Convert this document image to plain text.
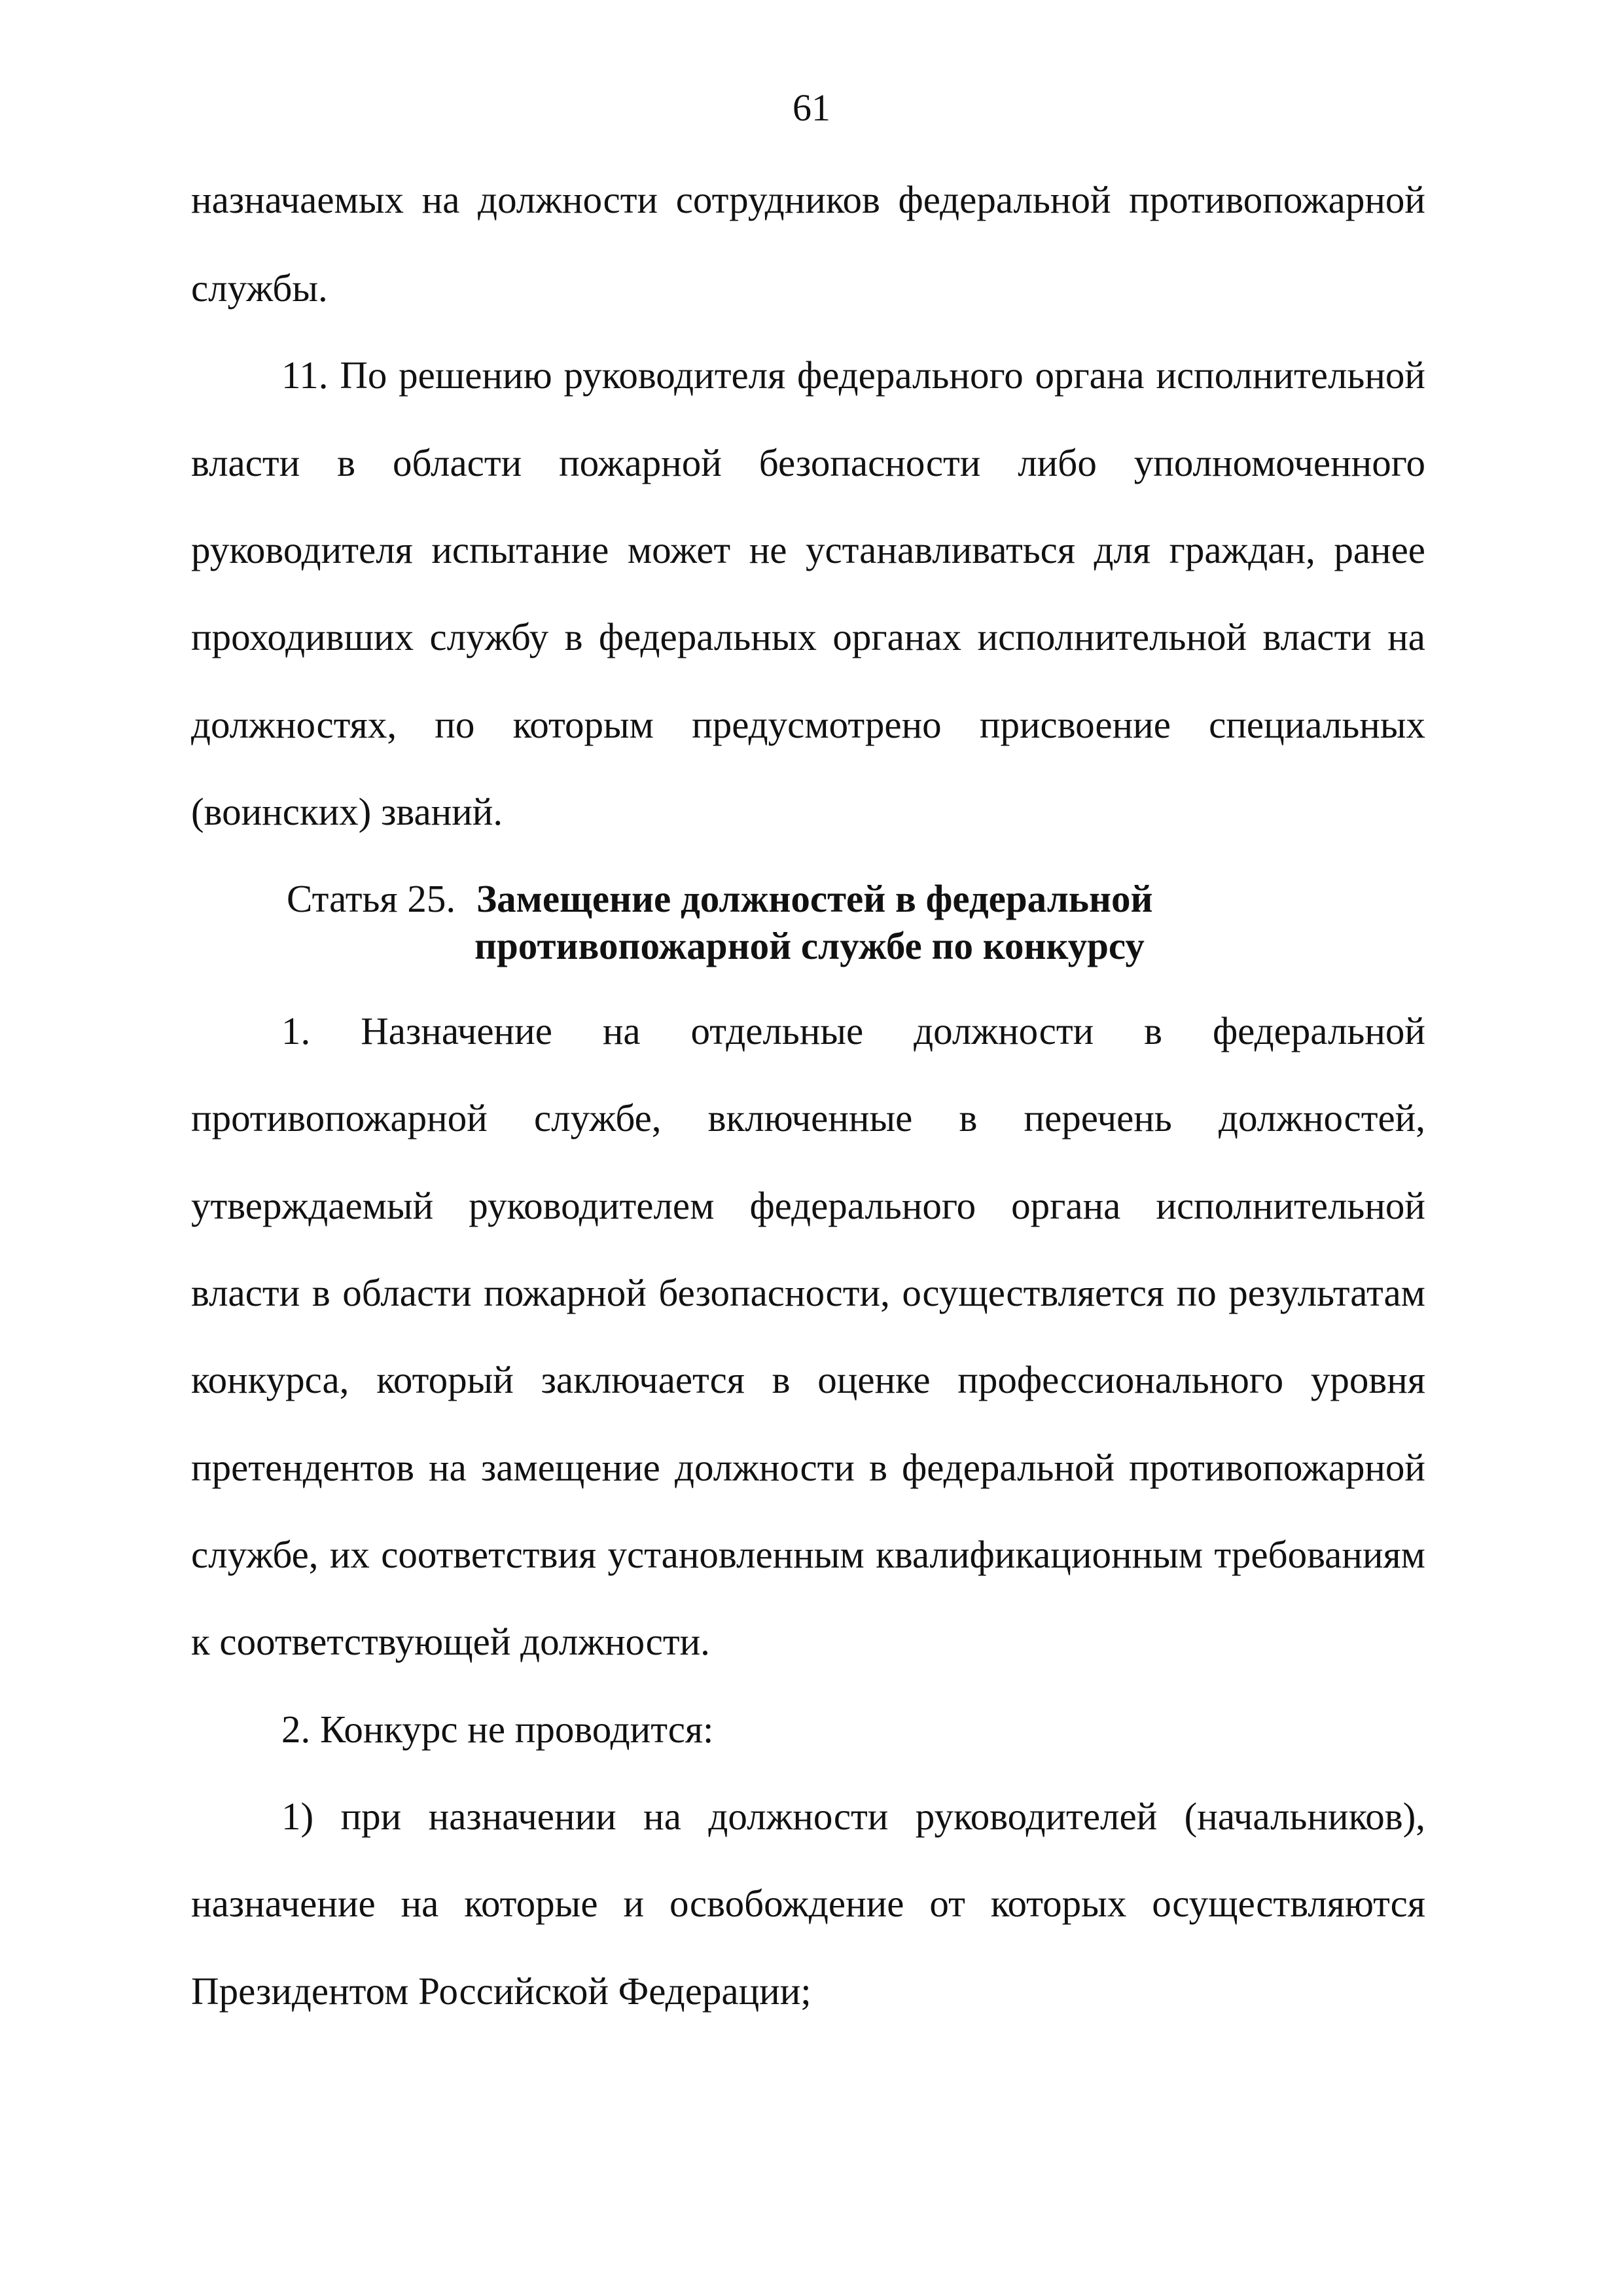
61
назначаемых на должности сотрудников федеральной противопожарной
службы.
11. По решению руководителя федерального органа исполнительной
власти в области пожарной безопасности либо уполномоченного
руководителя испытание может не устанавливаться для граждан, ранее
проходивших службу в федеральных органах исполнительной власти на
должностях, по которым предусмотрено присвоение специальных
(воинских) званий.
Статья 25. Замещение должностей в федеральной
противопожарной службе по конкурсу
1. Назначение на отдельные должности в федеральной
противопожарной службе, включенные в перечень должностей,
утверждаемый руководителем федерального органа исполнительной
власти в области пожарной безопасности, осуществляется по результатам
конкурса, который заключается в оценке профессионального уровня
претендентов на замещение должности в федеральной противопожарной
службе, их соответствия установленным квалификационным требованиям
к соответствующей должности.
2. Конкурс не проводится:
1) при назначении на должности руководителей (начальников),
назначение на которые и освобождение от которых осуществляются
Президентом Российской Федерации;
